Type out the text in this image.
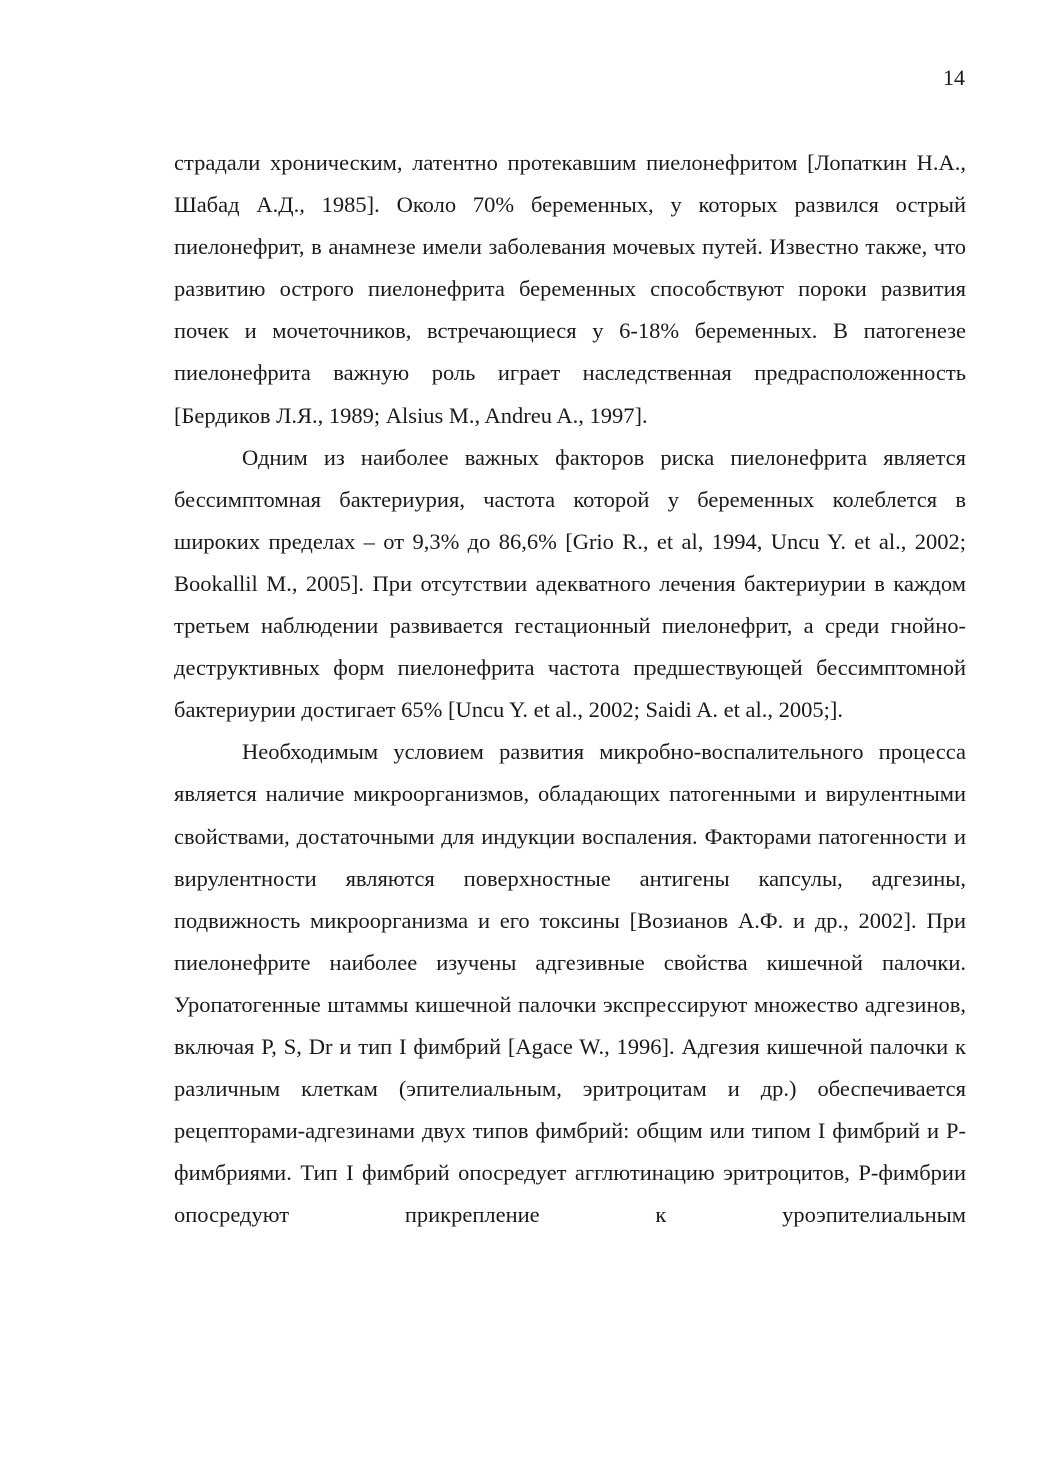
14

страдали хроническим, латентно протекавшим пиелонефритом [Лопаткин Н.А., Шабад А.Д., 1985]. Около 70% беременных, у которых развился острый пиелонефрит, в анамнезе имели заболевания мочевых путей. Известно также, что развитию острого пиелонефрита беременных способствуют пороки развития почек и мочеточников, встречающиеся у 6-18% беременных. В патогенезе пиелонефрита важную роль играет наследственная предрасположенность [Бердиков Л.Я., 1989; Alsius M., Andreu A., 1997].

Одним из наиболее важных факторов риска пиелонефрита является бессимптомная бактериурия, частота которой у беременных колеблется в широких пределах – от 9,3% до 86,6% [Grio R., et al, 1994, Uncu Y. et al., 2002; Bookallil M., 2005]. При отсутствии адекватного лечения бактериурии в каждом третьем наблюдении развивается гестационный пиелонефрит, а среди гнойно-деструктивных форм пиелонефрита частота предшествующей бессимптомной бактериурии достигает 65% [Uncu Y. et al., 2002; Saidi A. et al., 2005;].

Необходимым условием развития микробно-воспалительного процесса является наличие микроорганизмов, обладающих патогенными и вирулентными свойствами, достаточными для индукции воспаления. Факторами патогенности и вирулентности являются поверхностные антигены капсулы, адгезины, подвижность микроорганизма и его токсины [Возианов А.Ф. и др., 2002]. При пиелонефрите наиболее изучены адгезивные свойства кишечной палочки. Уропатогенные штаммы кишечной палочки экспрессируют множество адгезинов, включая P, S, Dr и тип I фимбрий [Agace W., 1996]. Адгезия кишечной палочки к различным клеткам (эпителиальным, эритроцитам и др.) обеспечивается рецепторами-адгезинами двух типов фимбрий: общим или типом I фимбрий и Р-фимбриями. Тип I фимбрий опосредует агглютинацию эритроцитов, Р-фимбрии опосредуют прикрепление к уроэпителиальным
